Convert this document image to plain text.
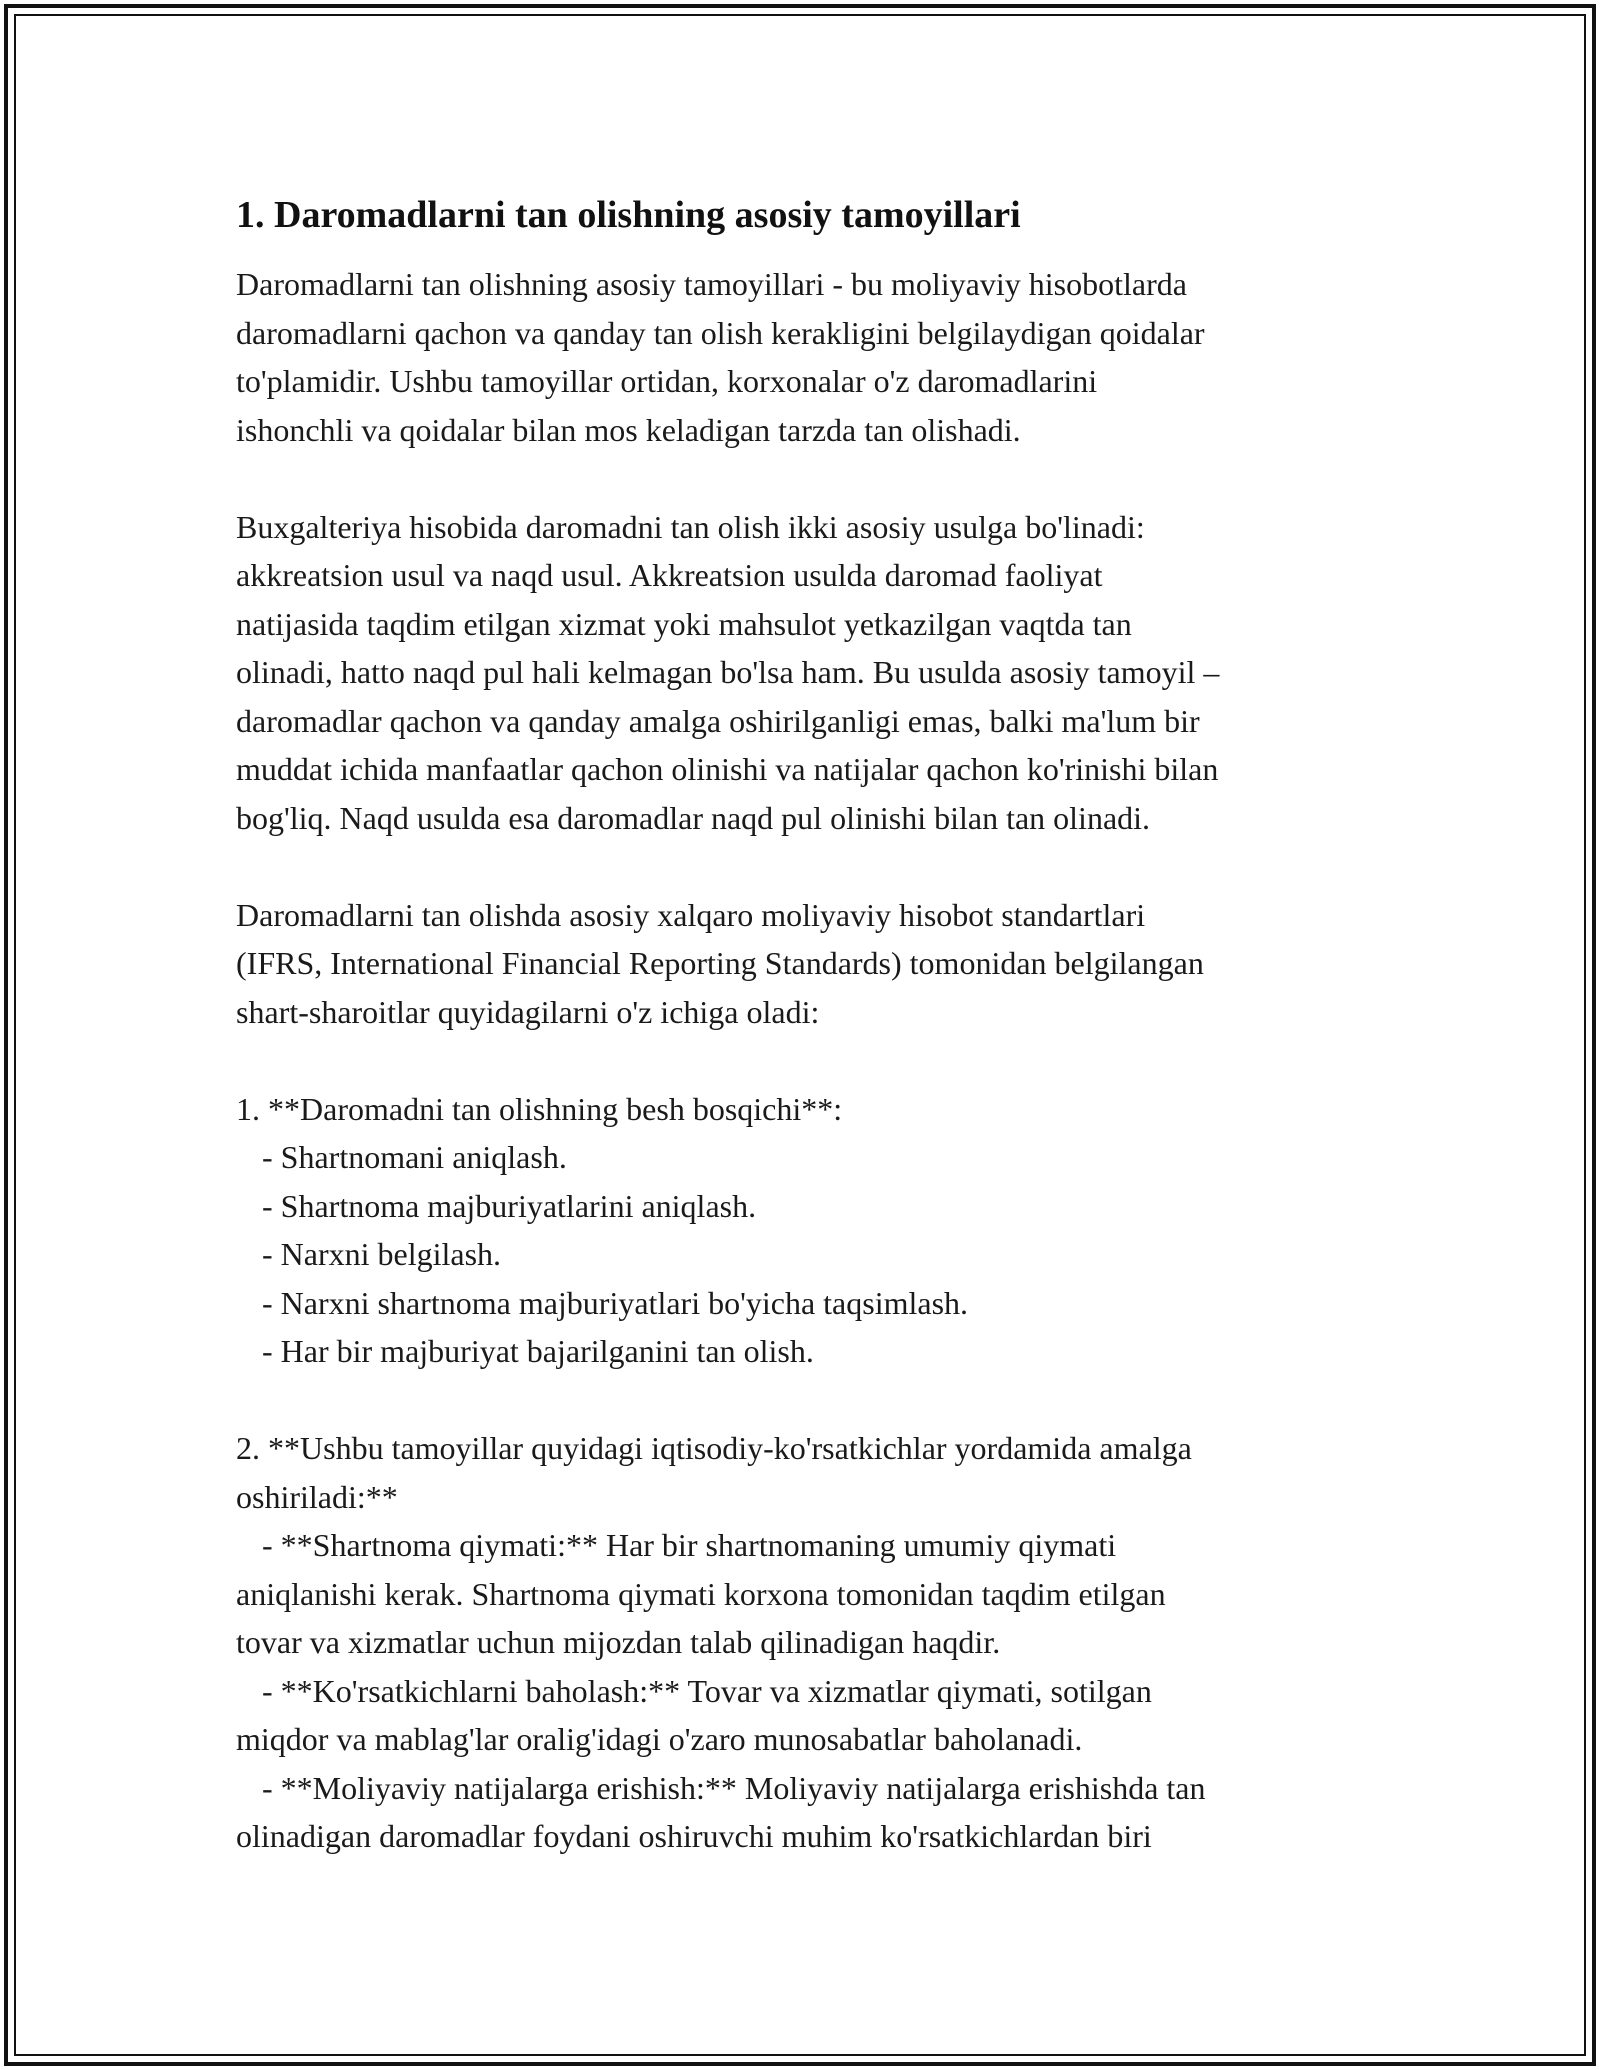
1. Daromadlarni tan olishning asosiy tamoyillari

Daromadlarni tan olishning asosiy tamoyillari - bu moliyaviy hisobotlarda
daromadlarni qachon va qanday tan olish kerakligini belgilaydigan qoidalar
to'plamidir. Ushbu tamoyillar ortidan, korxonalar o'z daromadlarini
ishonchli va qoidalar bilan mos keladigan tarzda tan olishadi.

Buxgalteriya hisobida daromadni tan olish ikki asosiy usulga bo'linadi:
akkreatsion usul va naqd usul. Akkreatsion usulda daromad faoliyat
natijasida taqdim etilgan xizmat yoki mahsulot yetkazilgan vaqtda tan
olinadi, hatto naqd pul hali kelmagan bo'lsa ham. Bu usulda asosiy tamoyil –
daromadlar qachon va qanday amalga oshirilganligi emas, balki ma'lum bir
muddat ichida manfaatlar qachon olinishi va natijalar qachon ko'rinishi bilan
bog'liq. Naqd usulda esa daromadlar naqd pul olinishi bilan tan olinadi.

Daromadlarni tan olishda asosiy xalqaro moliyaviy hisobot standartlari
(IFRS, International Financial Reporting Standards) tomonidan belgilangan
shart-sharoitlar quyidagilarni o'z ichiga oladi:

1. **Daromadni tan olishning besh bosqichi**:
- Shartnomani aniqlash.
- Shartnoma majburiyatlarini aniqlash.
- Narxni belgilash.
- Narxni shartnoma majburiyatlari bo'yicha taqsimlash.
- Har bir majburiyat bajarilganini tan olish.

2. **Ushbu tamoyillar quyidagi iqtisodiy-ko'rsatkichlar yordamida amalga
oshiriladi:**
- **Shartnoma qiymati:** Har bir shartnomaning umumiy qiymati
aniqlanishi kerak. Shartnoma qiymati korxona tomonidan taqdim etilgan
tovar va xizmatlar uchun mijozdan talab qilinadigan haqdir.
- **Ko'rsatkichlarni baholash:** Tovar va xizmatlar qiymati, sotilgan
miqdor va mablag'lar oralig'idagi o'zaro munosabatlar baholanadi.
- **Moliyaviy natijalarga erishish:** Moliyaviy natijalarga erishishda tan
olinadigan daromadlar foydani oshiruvchi muhim ko'rsatkichlardan biri
